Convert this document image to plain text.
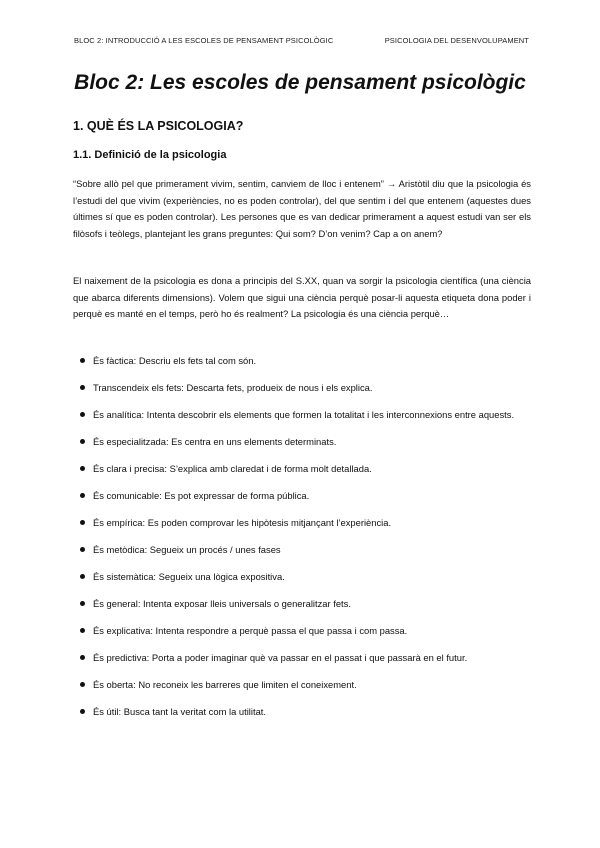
BLOC 2: INTRODUCCIÓ A LES ESCOLES DE PENSAMENT PSICOLÒGIC	PSICOLOGIA DEL DESENVOLUPAMENT
Bloc 2: Les escoles de pensament psicològic
1. QUÈ ÉS LA PSICOLOGIA?
1.1. Definició de la psicologia

“Sobre allò pel que primerament vivim, sentim, canviem de lloc i entenem” → Aristòtil diu que la psicologia és l’estudi del que vivim (experiències, no es poden controlar), del que sentim i del que entenem (aquestes dues últimes sí que es poden controlar). Les persones que es van dedicar primerament a aquest estudi van ser els filòsofs i teòlegs, plantejant les grans preguntes: Qui som? D’on venim? Cap a on anem?

El naixement de la psicologia es dona a principis del S.XX, quan va sorgir la psicologia científica (una ciència que abarca diferents dimensions). Volem que sigui una ciència perquè posar-li aquesta etiqueta dona poder i perquè es manté en el temps, però ho és realment? La psicologia és una ciència perquè…

És fàctica: Descriu els fets tal com són.
Transcendeix els fets: Descarta fets, produeix de nous i els explica.
És analítica: Intenta descobrir els elements que formen la totalitat i les interconnexions entre aquests.
És especialitzada: Es centra en uns elements determinats.
És clara i precisa: S’explica amb claredat i de forma molt detallada.
És comunicable: Es pot expressar de forma pública.
És empírica: Es poden comprovar les hipòtesis mitjançant l’experiència.
És metòdica: Segueix un procés / unes fases
És sistemàtica: Segueix una lògica expositiva.
És general: Intenta exposar lleis universals o generalitzar fets.
És explicativa: Intenta respondre a perquè passa el que passa i com passa.
És predictiva: Porta a poder imaginar què va passar en el passat i que passarà en el futur.
És oberta: No reconeix les barreres que limiten el coneixement.
És útil: Busca tant la veritat com la utilitat.
